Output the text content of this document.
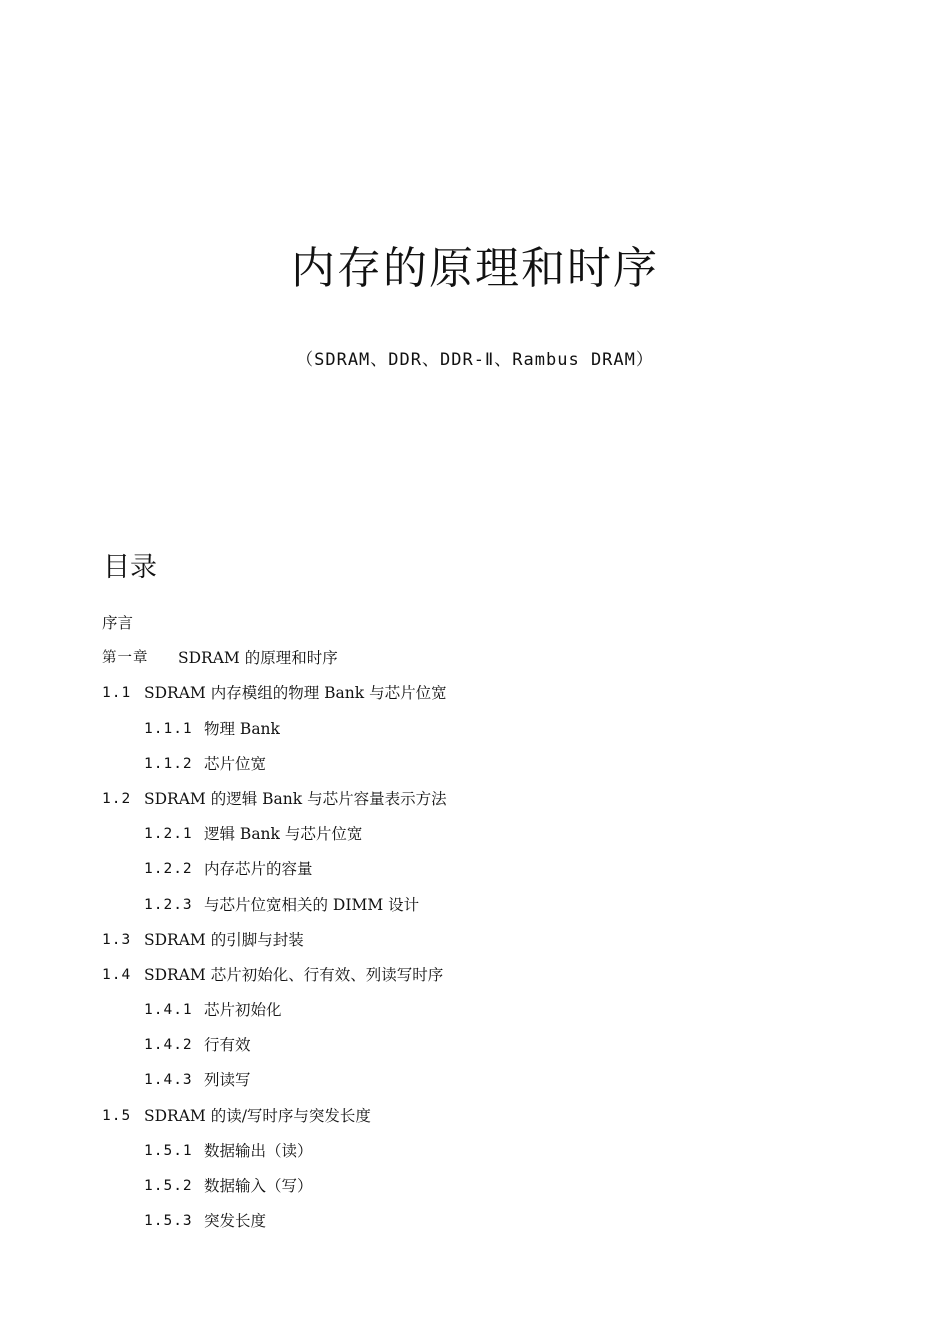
内存的原理和时序

（SDRAM、DDR、DDR-Ⅱ、Rambus DRAM）

目录
序言
第一章	SDRAM 的原理和时序
1.1 SDRAM 内存模组的物理 Bank 与芯片位宽
1.1.1 物理 Bank
1.1.2 芯片位宽
1.2 SDRAM 的逻辑 Bank 与芯片容量表示方法
1.2.1 逻辑 Bank 与芯片位宽
1.2.2 内存芯片的容量
1.2.3 与芯片位宽相关的 DIMM 设计
1.3 SDRAM 的引脚与封装
1.4 SDRAM 芯片初始化、行有效、列读写时序
1.4.1 芯片初始化
1.4.2 行有效
1.4.3 列读写
1.5 SDRAM 的读/写时序与突发长度
1.5.1 数据输出（读）
1.5.2 数据输入（写）
1.5.3 突发长度
